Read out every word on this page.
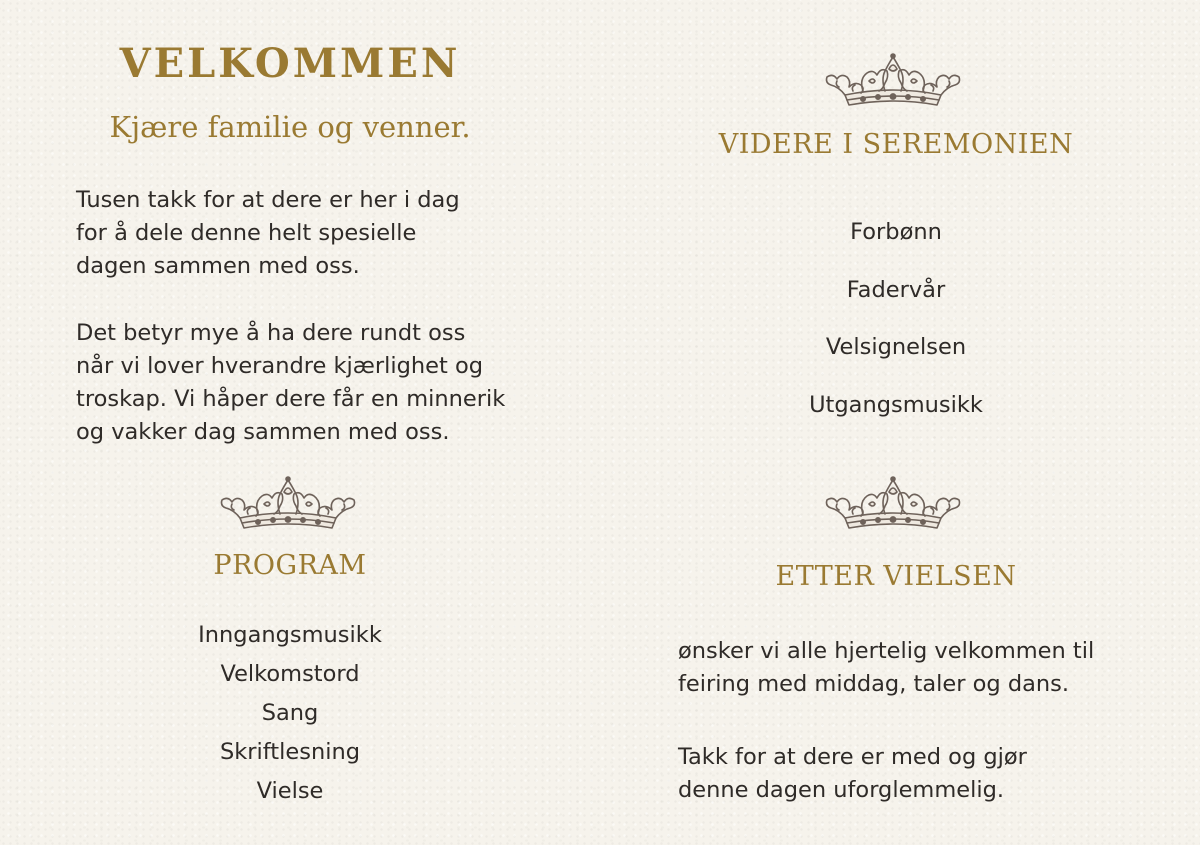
VELKOMMEN
Kjære familie og venner.
Tusen takk for at dere er her i dag
for å dele denne helt spesielle
dagen sammen med oss.
Det betyr mye å ha dere rundt oss
når vi lover hverandre kjærlighet og
troskap. Vi håper dere får en minnerik
og vakker dag sammen med oss.
PROGRAM
Inngangsmusikk
Velkomstord
Sang
Skriftlesning
Vielse
VIDERE I SEREMONIEN
Forbønn
Fadervår
Velsignelsen
Utgangsmusikk
ETTER VIELSEN
ønsker vi alle hjertelig velkommen til
feiring med middag, taler og dans.
Takk for at dere er med og gjør
denne dagen uforglemmelig.
